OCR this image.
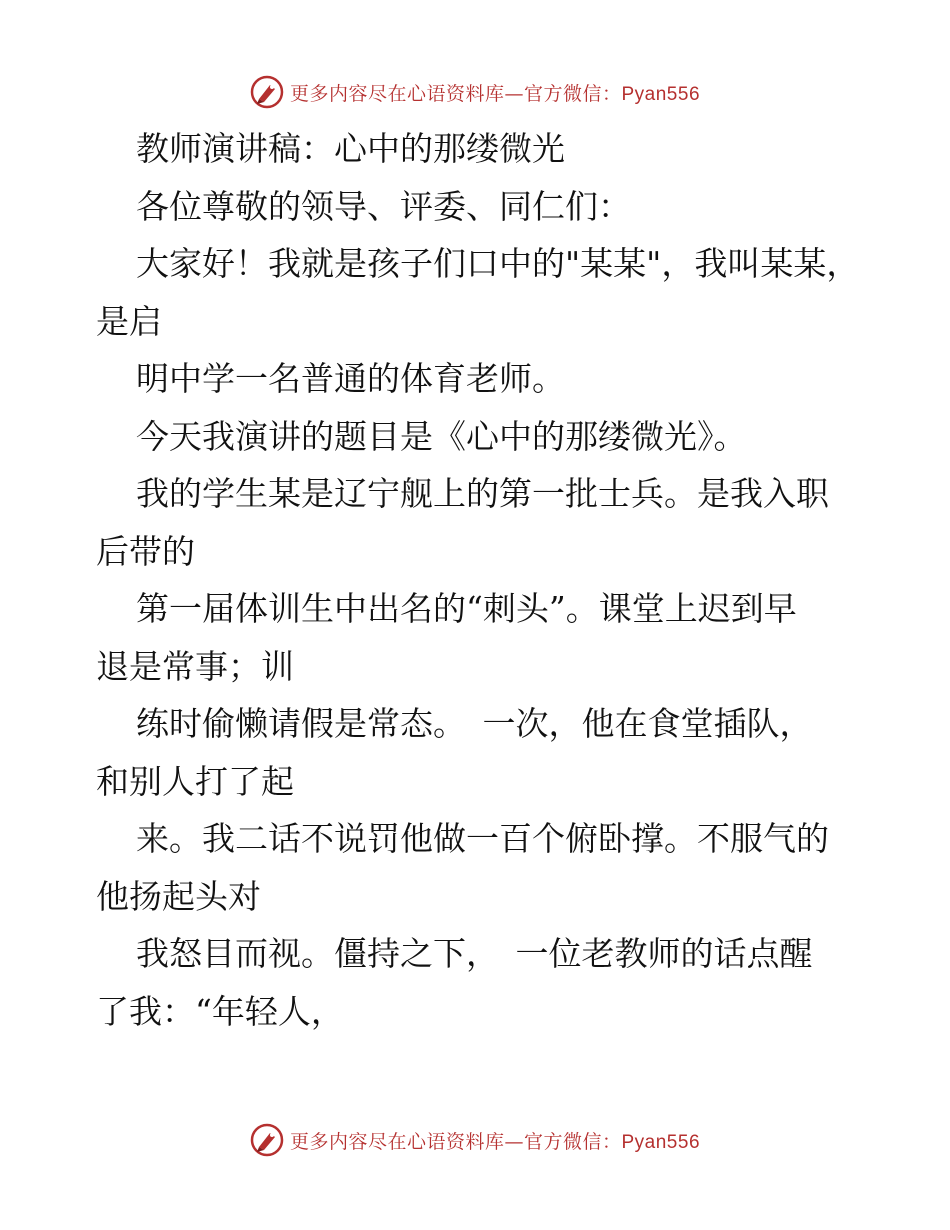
更多内容尽在心语资料库—官方微信：Pyan556

教师演讲稿：心中的那缕微光

各位尊敬的领导、评委、同仁们：

大家好！我就是孩子们口中的"某某"，我叫某某，

是启

明中学一名普通的体育老师。

今天我演讲的题目是《心中的那缕微光》。

我的学生某是辽宁舰上的第一批士兵。是我入职

后带的

第一届体训生中出名的“刺头”。课堂上迟到早

退是常事；训

练时偷懒请假是常态。　一次，他在食堂插队，

和别人打了起

来。我二话不说罚他做一百个俯卧撑。不服气的

他扬起头对

我怒目而视。僵持之下，　一位老教师的话点醒

了我：“年轻人，

更多内容尽在心语资料库—官方微信：Pyan556
